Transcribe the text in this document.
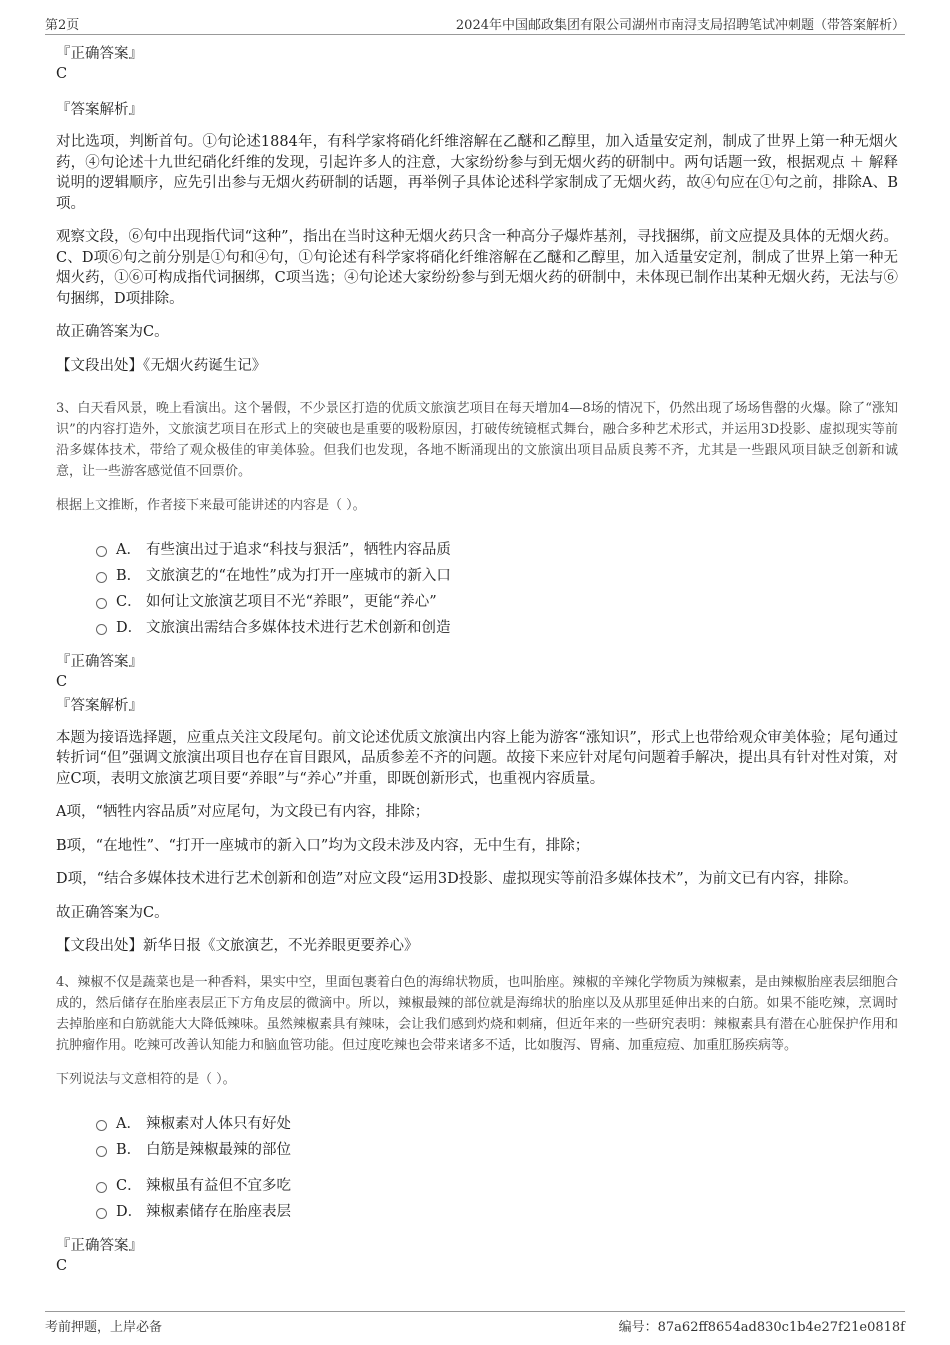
第2页	2024年中国邮政集团有限公司湖州市南浔支局招聘笔试冲刺题（带答案解析）
『正确答案』
C
『答案解析』
对比选项，判断首句。①句论述1884年，有科学家将硝化纤维溶解在乙醚和乙醇里，加入适量安定剂，制成了世界上第一种无烟火药，④句论述十九世纪硝化纤维的发现，引起许多人的注意，大家纷纷参与到无烟火药的研制中。两句话题一致，根据观点 ＋ 解释说明的逻辑顺序，应先引出参与无烟火药研制的话题，再举例子具体论述科学家制成了无烟火药，故④句应在①句之前，排除A、B项。
观察文段，⑥句中出现指代词“这种”，指出在当时这种无烟火药只含一种高分子爆炸基剂，寻找捆绑，前文应提及具体的无烟火药。C、D项⑥句之前分别是①句和④句，①句论述有科学家将硝化纤维溶解在乙醚和乙醇里，加入适量安定剂，制成了世界上第一种无烟火药，①⑥可构成指代词捆绑，C项当选；④句论述大家纷纷参与到无烟火药的研制中，未体现已制作出某种无烟火药，无法与⑥句捆绑，D项排除。
故正确答案为C。
【文段出处】《无烟火药诞生记》
3、白天看风景，晚上看演出。这个暑假，不少景区打造的优质文旅演艺项目在每天增加4—8场的情况下，仍然出现了场场售罄的火爆。除了“涨知识”的内容打造外，文旅演艺项目在形式上的突破也是重要的吸粉原因，打破传统镜框式舞台，融合多种艺术形式，并运用3D投影、虚拟现实等前沿多媒体技术，带给了观众极佳的审美体验。但我们也发现，各地不断涌现出的文旅演出项目品质良莠不齐，尤其是一些跟风项目缺乏创新和诚意，让一些游客感觉值不回票价。
根据上文推断，作者接下来最可能讲述的内容是（ ）。
A． 有些演出过于追求“科技与狠活”，牺牲内容品质
B． 文旅演艺的“在地性”成为打开一座城市的新入口
C． 如何让文旅演艺项目不光“养眼”，更能“养心”
D． 文旅演出需结合多媒体技术进行艺术创新和创造
『正确答案』
C
『答案解析』
本题为接语选择题，应重点关注文段尾句。前文论述优质文旅演出内容上能为游客“涨知识”，形式上也带给观众审美体验；尾句通过转折词“但”强调文旅演出项目也存在盲目跟风，品质参差不齐的问题。故接下来应针对尾句问题着手解决，提出具有针对性对策，对应C项，表明文旅演艺项目要“养眼”与“养心”并重，即既创新形式，也重视内容质量。
A项，“牺牲内容品质”对应尾句，为文段已有内容，排除；
B项，“在地性”、“打开一座城市的新入口”均为文段未涉及内容，无中生有，排除；
D项，“结合多媒体技术进行艺术创新和创造”对应文段“运用3D投影、虚拟现实等前沿多媒体技术”，为前文已有内容，排除。
故正确答案为C。
【文段出处】新华日报《文旅演艺，不光养眼更要养心》
4、辣椒不仅是蔬菜也是一种香料，果实中空，里面包裹着白色的海绵状物质，也叫胎座。辣椒的辛辣化学物质为辣椒素，是由辣椒胎座表层细胞合成的，然后储存在胎座表层正下方角皮层的微滴中。所以，辣椒最辣的部位就是海绵状的胎座以及从那里延伸出来的白筋。如果不能吃辣，烹调时去掉胎座和白筋就能大大降低辣味。虽然辣椒素具有辣味，会让我们感到灼烧和刺痛，但近年来的一些研究表明：辣椒素具有潜在心脏保护作用和抗肿瘤作用。吃辣可改善认知能力和脑血管功能。但过度吃辣也会带来诸多不适，比如腹泻、胃痛、加重痘痘、加重肛肠疾病等。
下列说法与文意相符的是（ ）。
A． 辣椒素对人体只有好处
B． 白筋是辣椒最辣的部位
C． 辣椒虽有益但不宜多吃
D． 辣椒素储存在胎座表层
『正确答案』
C
考前押题，上岸必备	编号：87a62ff8654ad830c1b4e27f21e0818f
